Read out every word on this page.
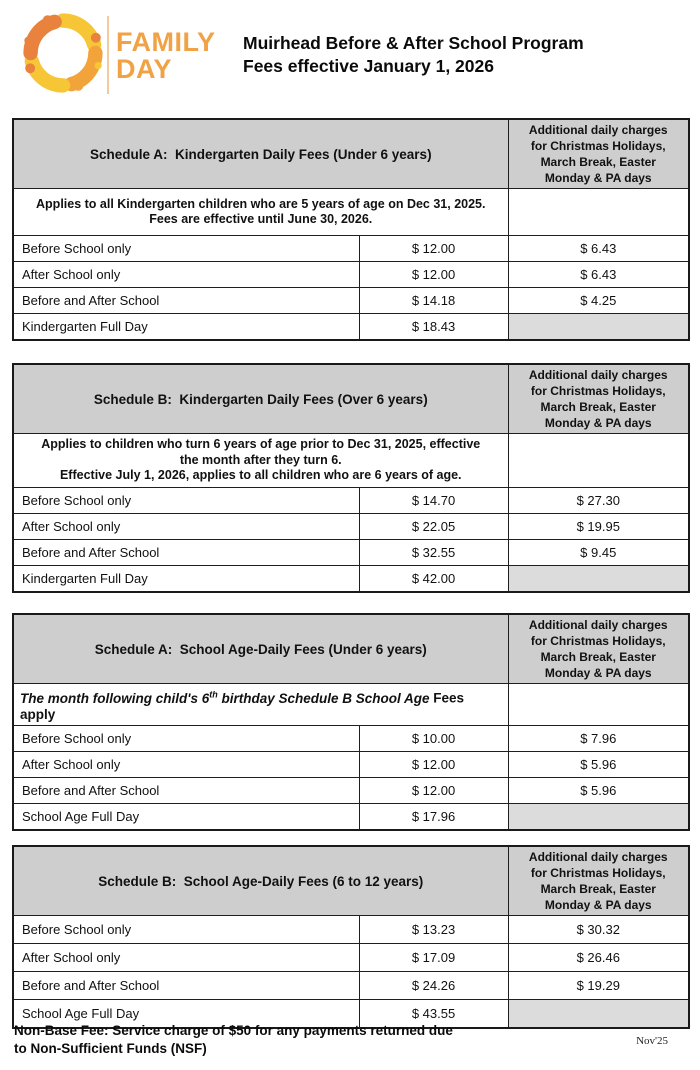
FAMILY
DAY
Muirhead Before & After School Program
Fees effective January 1, 2026
Schedule A:  Kindergarten Daily Fees (Under 6 years)		Additional daily charges for Christmas Holidays, March Break, Easter Monday & PA days

Applies to all Kindergarten children who are 5 years of age on Dec 31, 2025.
Fees are effective until June 30, 2026.		

Before School only	$ 12.00	$ 6.43
After School only	$ 12.00	$ 6.43
Before and After School	$ 14.18	$ 4.25
Kindergarten Full Day	$ 18.43	
Schedule B:  Kindergarten Daily Fees (Over 6 years)		Additional daily charges for Christmas Holidays, March Break, Easter Monday & PA days

Applies to children who turn 6 years of age prior to Dec 31, 2025, effective
the month after they turn 6.
Effective July 1, 2026, applies to all children who are 6 years of age.		

Before School only	$ 14.70	$ 27.30
After School only	$ 22.05	$ 19.95
Before and After School	$ 32.55	$ 9.45
Kindergarten Full Day	$ 42.00	
Schedule A:  School Age-Daily Fees (Under 6 years)		Additional daily charges for Christmas Holidays, March Break, Easter Monday & PA days
The month following child's 6th birthday Schedule B School Age Fees apply		
Before School only	$ 10.00	$ 7.96
After School only	$ 12.00	$ 5.96
Before and After School	$ 12.00	$ 5.96
School Age Full Day	$ 17.96	
Schedule B:  School Age-Daily Fees (6 to 12 years)		Additional daily charges for Christmas Holidays, March Break, Easter Monday & PA days
Before School only	$ 13.23	$ 30.32
After School only	$ 17.09	$ 26.46
Before and After School	$ 24.26	$ 19.29
School Age Full Day	$ 43.55	
Non-Base Fee: Service charge of $50 for any payments returned due
to Non-Sufficient Funds (NSF)	Nov'25
